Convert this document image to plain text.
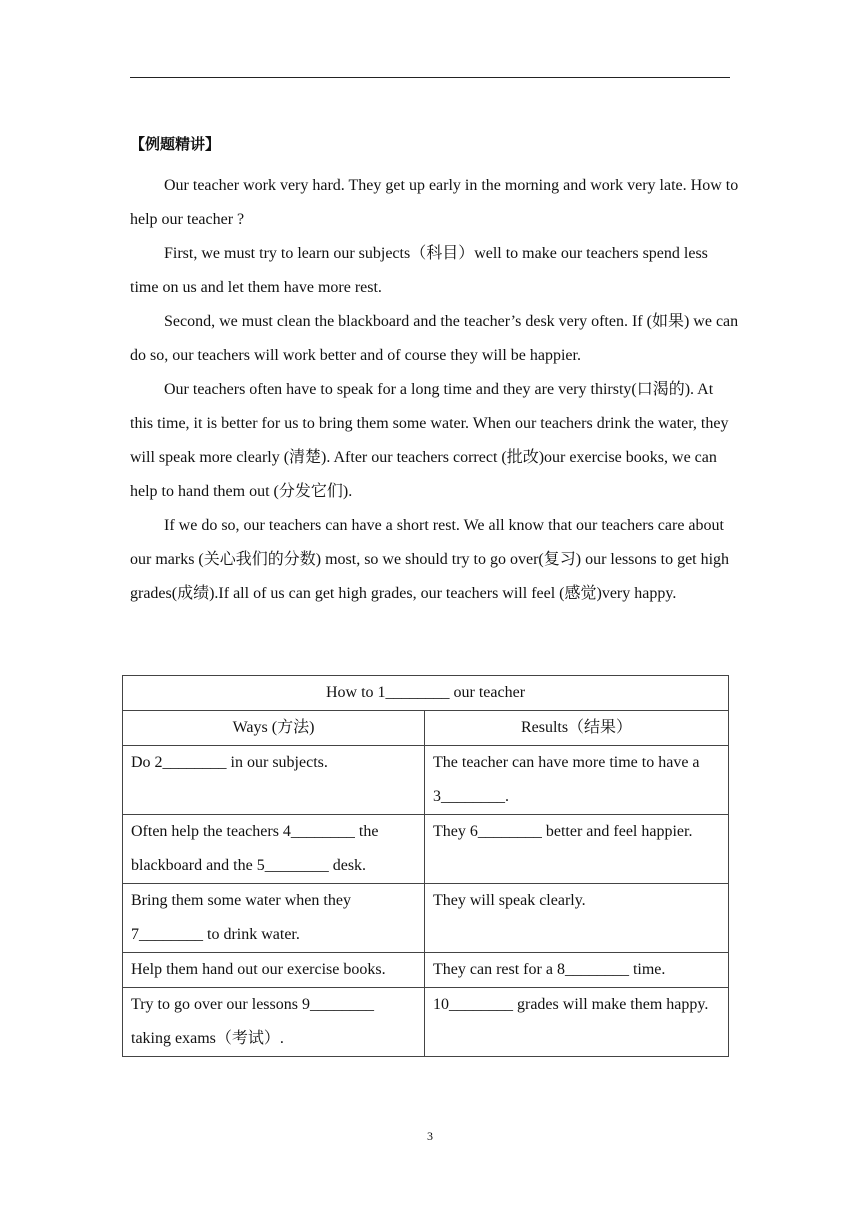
【例题精讲】

Our teacher work very hard. They get up early in the morning and work very late. How to help our teacher ?

First, we must try to learn our subjects（科目）well to make our teachers spend less time on us and let them have more rest.

Second, we must clean the blackboard and the teacher’s desk very often. If (如果) we can do so, our teachers will work better and of course they will be happier.

Our teachers often have to speak for a long time and they are very thirsty(口渴的). At this time, it is better for us to bring them some water. When our teachers drink the water, they will speak more clearly (清楚). After our teachers correct (批改)our exercise books, we can help to hand them out (分发它们).

If we do so, our teachers can have a short rest. We all know that our teachers care about our marks (关心我们的分数) most, so we should try to go over(复习) our lessons to get high grades(成绩).If all of us can get high grades, our teachers will feel (感觉)very happy.

How to 1________ our teacher	
Ways (方法)	Results（结果）
Do 2________ in our subjects.	The teacher can have more time to have a 3________.
Often help the teachers 4________ the blackboard and the 5________ desk.	They 6________ better and feel happier.
Bring them some water when they 7________ to drink water.	They will speak clearly.
Help them hand out our exercise books.	They can rest for a 8________ time.
Try to go over our lessons 9________ taking exams（考试）.	10________ grades will make them happy.
3
